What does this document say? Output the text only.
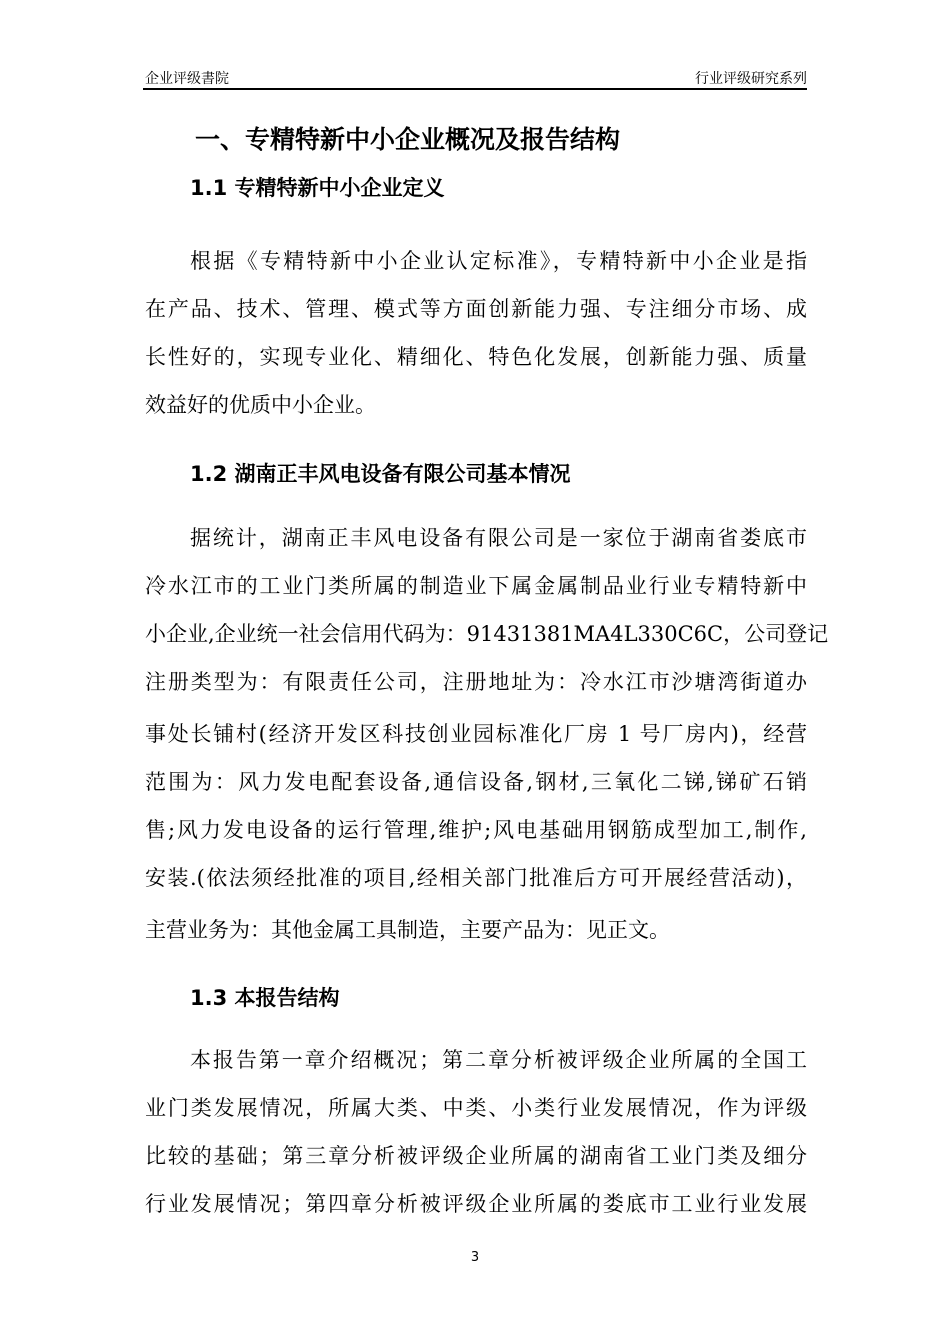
企业评级書院	行业评级研究系列
一、专精特新中小企业概况及报告结构
1.1 专精特新中小企业定义
根据《专精特新中小企业认定标准》，专精特新中小企业是指
在产品、技术、管理、模式等方面创新能力强、专注细分市场、成
长性好的，实现专业化、精细化、特色化发展，创新能力强、质量
效益好的优质中小企业。
1.2 湖南正丰风电设备有限公司基本情况
据统计，湖南正丰风电设备有限公司是一家位于湖南省娄底市
冷水江市的工业门类所属的制造业下属金属制品业行业专精特新中
小企业,企业统一社会信用代码为：91431381MA4L330C6C，公司登记
注册类型为：有限责任公司，注册地址为：冷水江市沙塘湾街道办
事处长铺村(经济开发区科技创业园标准化厂房 1 号厂房内)，经营
范围为：风力发电配套设备,通信设备,钢材,三氧化二锑,锑矿石销
售;风力发电设备的运行管理,维护;风电基础用钢筋成型加工,制作,
安装.(依法须经批准的项目,经相关部门批准后方可开展经营活动)，
主营业务为：其他金属工具制造，主要产品为：见正文。
1.3 本报告结构
本报告第一章介绍概况；第二章分析被评级企业所属的全国工
业门类发展情况，所属大类、中类、小类行业发展情况，作为评级
比较的基础；第三章分析被评级企业所属的湖南省工业门类及细分
行业发展情况；第四章分析被评级企业所属的娄底市工业行业发展
3
